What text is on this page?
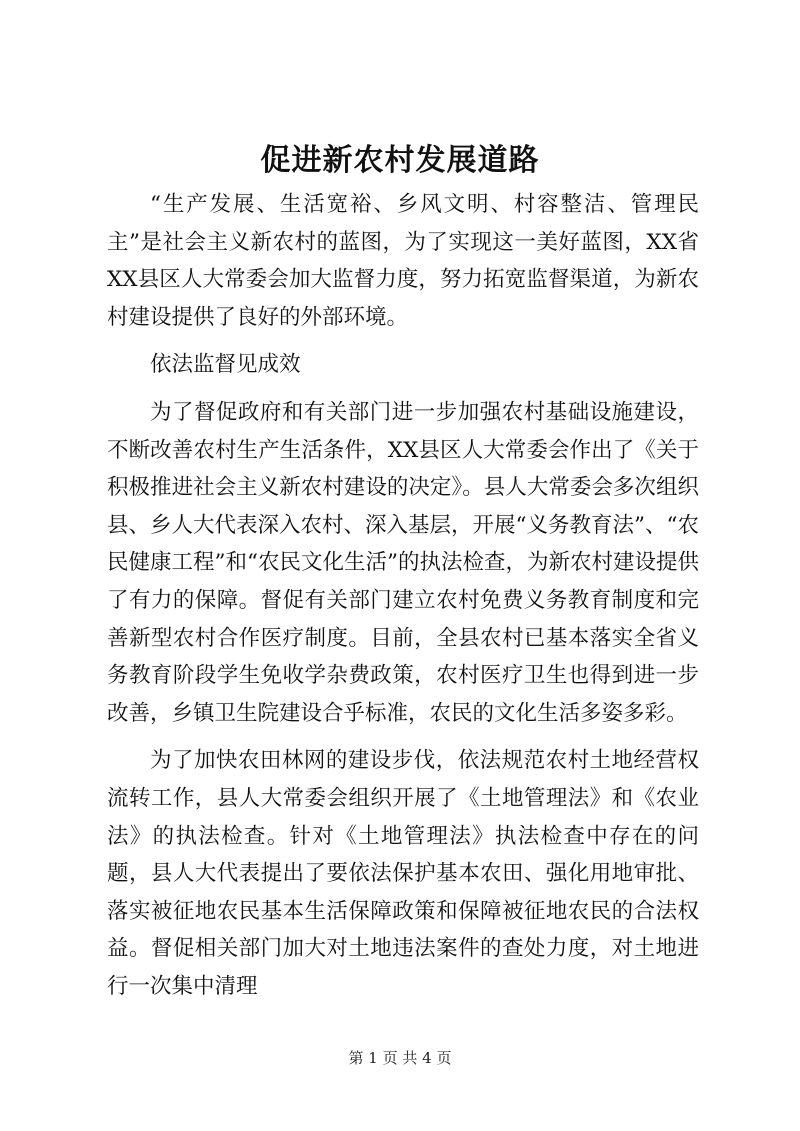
促进新农村发展道路

“生产发展、生活宽裕、乡风文明、村容整洁、管理民主”是社会主义新农村的蓝图，为了实现这一美好蓝图，XX省XX县区人大常委会加大监督力度，努力拓宽监督渠道，为新农村建设提供了良好的外部环境。

依法监督见成效

为了督促政府和有关部门进一步加强农村基础设施建设，不断改善农村生产生活条件，XX县区人大常委会作出了《关于积极推进社会主义新农村建设的决定》。县人大常委会多次组织县、乡人大代表深入农村、深入基层，开展“义务教育法”、“农民健康工程”和“农民文化生活”的执法检查，为新农村建设提供了有力的保障。督促有关部门建立农村免费义务教育制度和完善新型农村合作医疗制度。目前，全县农村已基本落实全省义务教育阶段学生免收学杂费政策，农村医疗卫生也得到进一步改善，乡镇卫生院建设合乎标准，农民的文化生活多姿多彩。

为了加快农田林网的建设步伐，依法规范农村土地经营权流转工作，县人大常委会组织开展了《土地管理法》和《农业法》的执法检查。针对《土地管理法》执法检查中存在的问题，县人大代表提出了要依法保护基本农田、强化用地审批、落实被征地农民基本生活保障政策和保障被征地农民的合法权益。督促相关部门加大对土地违法案件的查处力度，对土地进行一次集中清理

第 1 页 共 4 页
